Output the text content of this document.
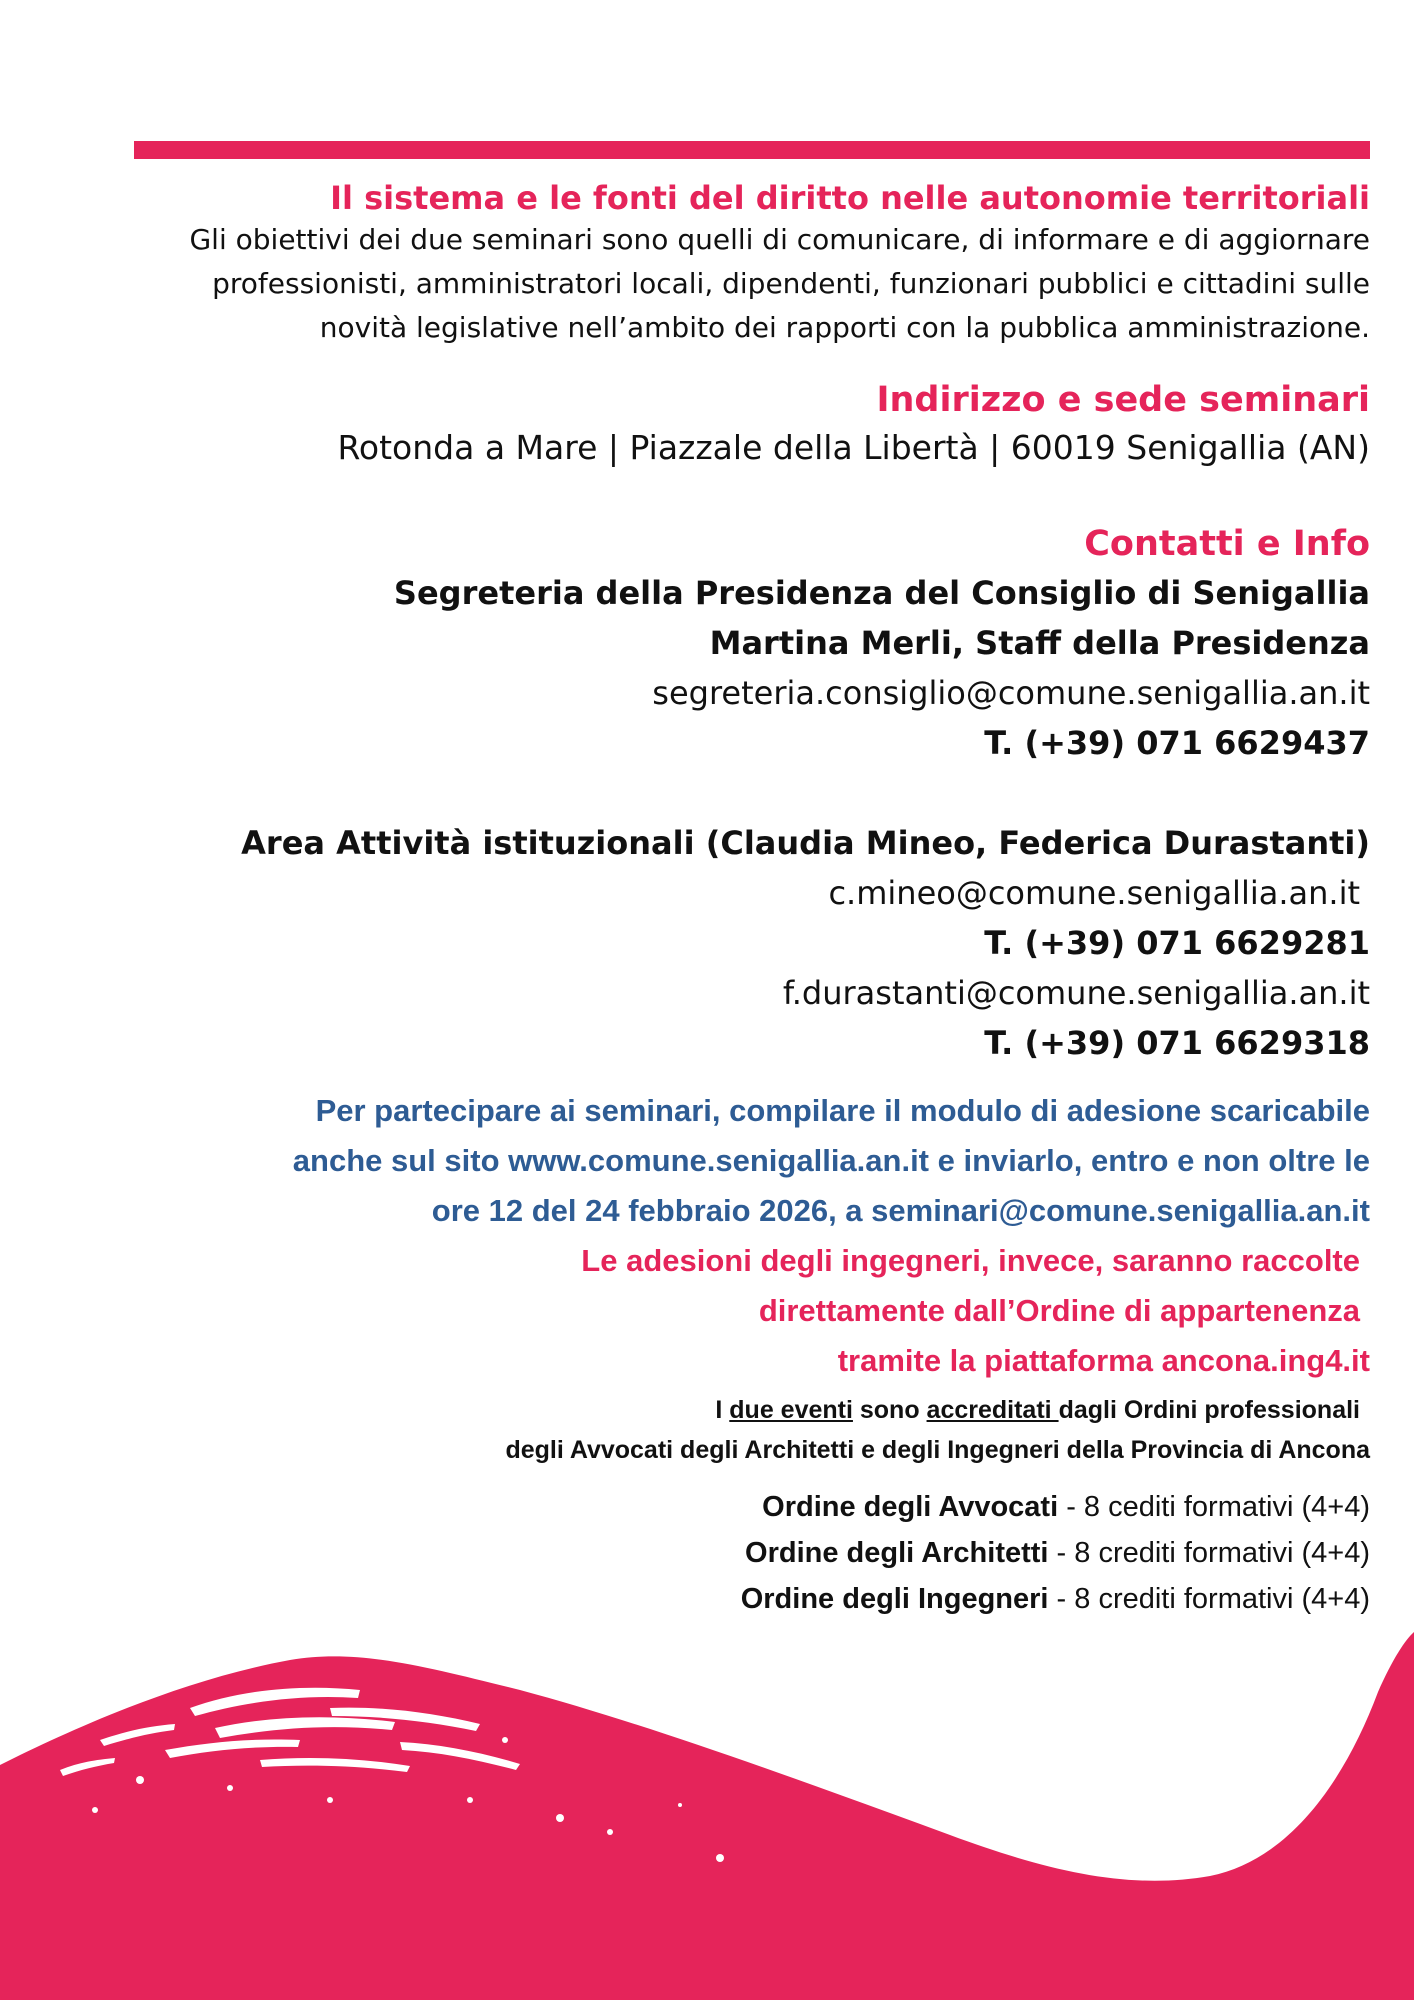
Il sistema e le fonti del diritto nelle autonomie territoriali
Gli obiettivi dei due seminari sono quelli di comunicare, di informare e di aggiornare
professionisti, amministratori locali, dipendenti, funzionari pubblici e cittadini sulle
novità legislative nell’ambito dei rapporti con la pubblica amministrazione.
Indirizzo e sede seminari
Rotonda a Mare | Piazzale della Libertà | 60019 Senigallia (AN)
Contatti e Info
Segreteria della Presidenza del Consiglio di Senigallia
Martina Merli, Staff della Presidenza
segreteria.consiglio@comune.senigallia.an.it
T. (+39) 071 6629437
Area Attività istituzionali (Claudia Mineo, Federica Durastanti)
c.mineo@comune.senigallia.an.it
T. (+39) 071 6629281
f.durastanti@comune.senigallia.an.it
T. (+39) 071 6629318
Per partecipare ai seminari, compilare il modulo di adesione scaricabile
anche sul sito www.comune.senigallia.an.it e inviarlo, entro e non oltre le
ore 12 del 24 febbraio 2026, a seminari@comune.senigallia.an.it
Le adesioni degli ingegneri, invece, saranno raccolte
direttamente dall’Ordine di appartenenza
tramite la piattaforma ancona.ing4.it
I due eventi sono accreditati dagli Ordini professionali
degli Avvocati degli Architetti e degli Ingegneri della Provincia di Ancona
Ordine degli Avvocati - 8 cediti formativi (4+4)
Ordine degli Architetti - 8 crediti formativi (4+4)
Ordine degli Ingegneri - 8 crediti formativi (4+4)
